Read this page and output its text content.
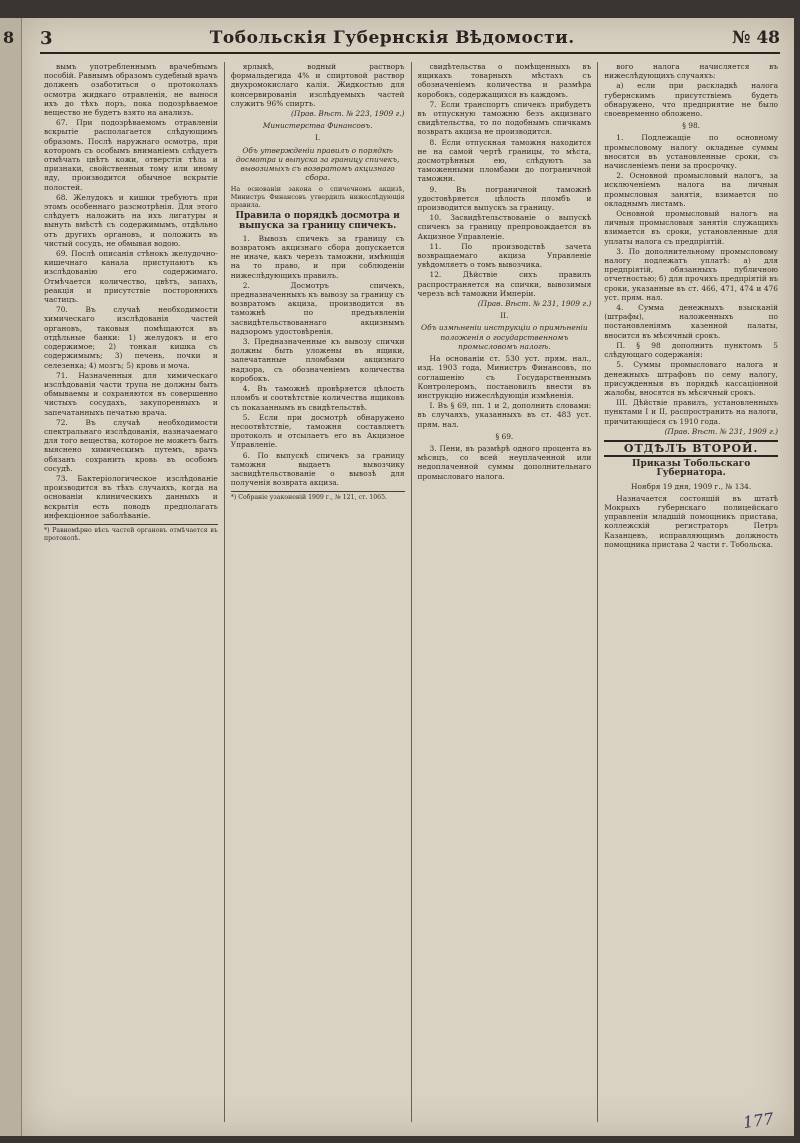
8 3	Тобольскія Губернскія Вѣдомости.	№ 48

вымъ употребленнымъ врачебнымъ пособій. Равнымъ образомъ судебный врачъ долженъ озаботиться о протоколахъ осмотра жидкаго отравленія, не вынося ихъ до тѣхъ поръ, пока подозрѣваемое вещество не будетъ взято на анализъ.

67. При подозрѣваемомъ отравленіи вскрытіе располагается слѣдующимъ образомъ. Послѣ наружнаго осмотра, при которомъ съ особымъ вниманіемъ слѣдуетъ отмѣчать цвѣтъ кожи, отверстія тѣла и признаки, свойственныя тому или иному яду, производится обычное вскрытіе полостей.

68. Желудокъ и кишки требуютъ при этомъ особеннаго разсмотрѣнія. Для этого слѣдуетъ наложить на ихъ лигатуры и вынуть вмѣстѣ съ содержимымъ, отдѣльно отъ другихъ органовъ, и положить въ чистый сосудъ, не обмывая водою.

69. Послѣ описанія стѣнокъ желудочно-кишечнаго канала приступаютъ къ изслѣдованію его содержимаго. Отмѣчается количество, цвѣтъ, запахъ, реакція и присутствіе постороннихъ частицъ.

70. Въ случаѣ необходимости химическаго изслѣдованія частей органовъ, таковыя помѣщаются въ отдѣльные банки: 1) желудокъ и его содержимое; 2) тонкая кишка съ содержимымъ; 3) печень, почки и селезенка; 4) мозгъ; 5) кровь и моча.

71. Назначенныя для химическаго изслѣдованія части трупа не должны быть обмываемы и сохраняются въ совершенно чистыхъ сосудахъ, закупоренныхъ и запечатанныхъ печатью врача.

72. Въ случаѣ необходимости спектральнаго изслѣдованія, назначаемаго для того вещества, которое не можетъ быть выяснено химическимъ путемъ, врачъ обязанъ сохранить кровь въ особомъ сосудѣ.

73. Бактеріологическое изслѣдованіе производится въ тѣхъ случаяхъ, когда на основаніи клиническихъ данныхъ и вскрытія есть поводъ предполагать инфекціонное заболѣваніе.

*) Равномѣрно вѣсъ частей органовъ отмѣчается въ протоколѣ.

ярлыкѣ, водный растворъ формальдегида 4% и спиртовой раствор двухромокислаго калія. Жидкостью для консервированія изслѣдуемыхъ частей служитъ 96% спиртъ.

(Прав. Вѣст. № 223, 1909 г.)

Министерства Финансовъ.

I.

Объ утвержденіи правилъ о порядкѣ досмотра и выпуска за границу спичекъ, вывозимыхъ съ возвратомъ акцизнаго сбора.

На основаніи закона о спичечномъ акцизѣ, Министръ Финансовъ утвердилъ нижеслѣдующія правила.

Правила о порядкѣ досмотра и выпуска за границу спичекъ.

1. Вывозъ спичекъ за границу съ возвратомъ акцизнаго сбора допускается не иначе, какъ черезъ таможни, имѣющія на то право, и при соблюденіи нижеслѣдующихъ правилъ.

2. Досмотръ спичекъ, предназначенныхъ къ вывозу за границу съ возвратомъ акциза, производится въ таможнѣ по предъявленіи засвидѣтельствованнаго акцизнымъ надзоромъ удостовѣренія.

3. Предназначенные къ вывозу спички должны быть уложены въ ящики, запечатанные пломбами акцизнаго надзора, съ обозначеніемъ количества коробокъ.

4. Въ таможнѣ провѣряется цѣлость пломбъ и соотвѣтствіе количества ящиковъ съ показаннымъ въ свидѣтельствѣ.

5. Если при досмотрѣ обнаружено несоотвѣтствіе, таможня составляетъ протоколъ и отсылаетъ его въ Акцизное Управленіе.

6. По выпускѣ спичекъ за границу таможня выдаетъ вывозчику засвидѣтельствованіе о вывозѣ для полученія возврата акциза.

*) Собраніе узаконеній 1909 г., № 121, ст. 1065.

свидѣтельства о помѣщенныхъ въ ящикахъ товарныхъ мѣстахъ съ обозначеніемъ количества и размѣра коробокъ, содержащихся въ каждомъ.

7. Если транспортъ спичекъ прибудетъ въ отпускную таможню безъ акцизнаго свидѣтельства, то по подобнымъ спичкамъ возвратъ акциза не производится.

8. Если отпускная таможня находится не на самой чертѣ границы, то мѣста, досмотрѣнныя ею, слѣдуютъ за таможенными пломбами до пограничной таможни.

9. Въ пограничной таможнѣ удостовѣряется цѣлость пломбъ и производится выпускъ за границу.

10. Засвидѣтельствованіе о выпускѣ спичекъ за границу препровождается въ Акцизное Управленіе.

11. По производствѣ зачета возвращаемаго акциза Управленіе увѣдомляетъ о томъ вывозчика.

12. Дѣйствіе сихъ правилъ распространяется на спички, вывозимыя черезъ всѣ таможни Имперіи.

(Прав. Вѣст. № 231, 1909 г.)

II.

Объ измѣненіи инструкціи о примѣненіи положенія о государственномъ промысловомъ налогѣ.

На основаніи ст. 530 уст. прям. нал., изд. 1903 года, Министръ Финансовъ, по соглашенію съ Государственнымъ Контролеромъ, постановилъ внести въ инструкцію нижеслѣдующія измѣненія.

I. Въ § 69, пп. 1 и 2, дополнить словами: въ случаяхъ, указанныхъ въ ст. 483 уст. прям. нал.

§ 69.

3. Пени, въ размѣрѣ одного процента въ мѣсяцъ, со всей неуплаченной или недоплаченной суммы дополнительнаго промысловаго налога.

вого налога начисляется въ нижеслѣдующихъ случаяхъ:

а) если при раскладкѣ налога губернскимъ присутствіемъ будетъ обнаружено, что предприятие не было своевременно обложено.

§ 98.

1. Подлежащіе по основному промысловому налогу окладные суммы вносятся въ установленные сроки, съ начисленіемъ пени за просрочку.

2. Основной промысловый налогъ, за исключеніемъ налога на личныя промысловыя занятія, взимается по окладнымъ листамъ.

Основной промысловый налогъ на личныя промысловыя занятія служащихъ взимается въ сроки, установленные для уплаты налога съ предпріятій.

3. По дополнительному промысловому налогу подлежатъ уплатѣ: а) для предпріятій, обязанныхъ публичною отчетностью; б) для прочихъ предпріятій въ сроки, указанные въ ст. 466, 471, 474 и 476 уст. прям. нал.

4. Сумма денежныхъ взысканій (штрафы), наложенныхъ по постановленіямъ казенной палаты, вносится въ мѣсячный срокъ.

П. § 98 дополнить пунктомъ 5 слѣдующаго содержанія:

5. Суммы промысловаго налога и денежныхъ штрафовъ по сему налогу, присужденныя въ порядкѣ кассаціонной жалобы, вносятся въ мѣсячный срокъ.

III. Дѣйствіе правилъ, установленныхъ пунктами I и II, распространить на налоги, причитающіеся съ 1910 года.

(Прав. Вѣст. № 231, 1909 г.)

ОТДѢЛЪ ВТОРОЙ.

Приказы Тобольскаго Губернатора.

Ноября 19 дня, 1909 г., № 134.

Назначается состоящій въ штатѣ Мокрыхъ губернскаго полицейскаго управленія младшій помощникъ пристава, коллежскій регистраторъ Петръ Казанцевъ, исправляющимъ должность помощника пристава 2 части г. Тобольска.

177
